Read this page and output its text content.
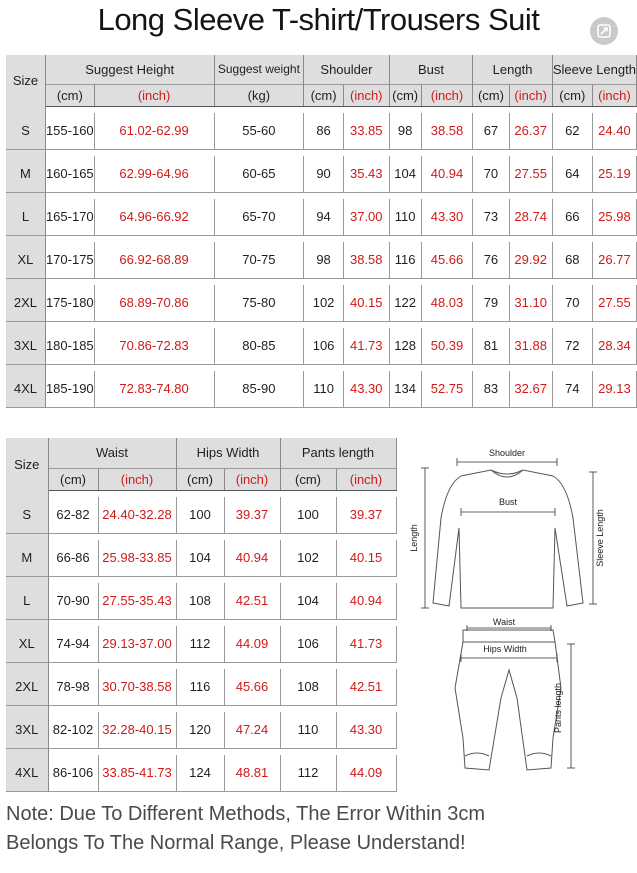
Long Sleeve T-shirt/Trousers Suit
Size	Suggest Height		Suggest weight	Shoulder		Bust		Length		Sleeve Length	
	(cm)	(inch)	(kg)	(cm)	(inch)	(cm)	(inch)	(cm)	(inch)	(cm)	(inch)

S	155-160	61.02-62.99	55-60	86	33.85	98	38.58	67	26.37	62	24.40

M	160-165	62.99-64.96	60-65	90	35.43	104	40.94	70	27.55	64	25.19

L	165-170	64.96-66.92	65-70	94	37.00	110	43.30	73	28.74	66	25.98

XL	170-175	66.92-68.89	70-75	98	38.58	116	45.66	76	29.92	68	26.77

2XL	175-180	68.89-70.86	75-80	102	40.15	122	48.03	79	31.10	70	27.55

3XL	180-185	70.86-72.83	80-85	106	41.73	128	50.39	81	31.88	72	28.34

4XL	185-190	72.83-74.80	85-90	110	43.30	134	52.75	83	32.67	74	29.13
Size	Waist		Hips Width		Pants length	
	(cm)	(inch)	(cm)	(inch)	(cm)	(inch)

S	62-82	24.40-32.28	100	39.37	100	39.37

M	66-86	25.98-33.85	104	40.94	102	40.15

L	70-90	27.55-35.43	108	42.51	104	40.94

XL	74-94	29.13-37.00	112	44.09	106	41.73

2XL	78-98	30.70-38.58	116	45.66	108	42.51

3XL	82-102	32.28-40.15	120	47.24	110	43.30

4XL	86-106	33.85-41.73	124	48.81	112	44.09
Shoulder
Bust
Length	Sleeve Length
Waist
Hips Width
Pants length
Note: Due To Different Methods, The Error Within 3cm
Belongs To The Normal Range, Please Understand!
